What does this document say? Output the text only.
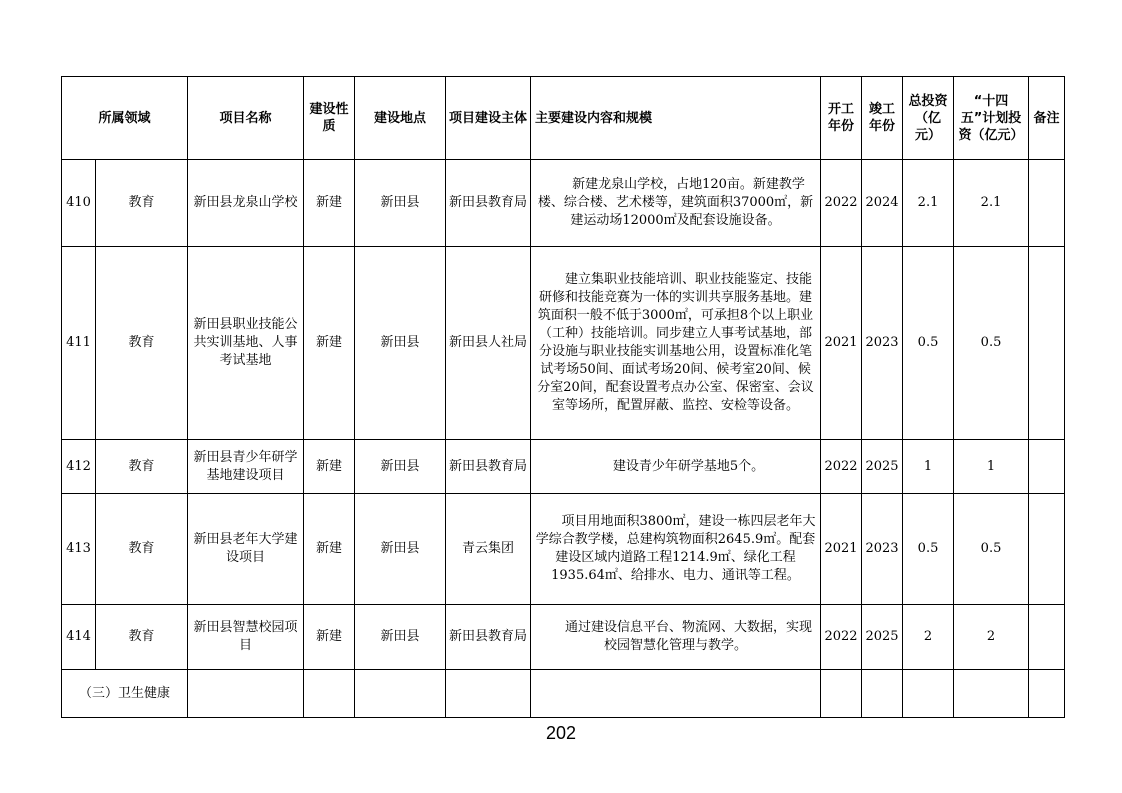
所属领域		项目名称	建设性质	建设地点	项目建设主体	主要建设内容和规模	开工年份	竣工年份	总投资（亿元）	“十四五”计划投资（亿元）	备注
410	教育	新田县龙泉山学校	新建	新田县	新田县教育局	新建龙泉山学校，占地120亩。新建教学楼、综合楼、艺术楼等，建筑面积37000㎡，新建运动场12000㎡及配套设施设备。	2022	2024	2.1	2.1	
411	教育	新田县职业技能公共实训基地、人事考试基地	新建	新田县	新田县人社局	建立集职业技能培训、职业技能鉴定、技能研修和技能竞赛为一体的实训共享服务基地。建筑面积一般不低于3000㎡，可承担8个以上职业（工种）技能培训。同步建立人事考试基地，部分设施与职业技能实训基地公用，设置标准化笔试考场50间、面试考场20间、候考室20间、候分室20间，配套设置考点办公室、保密室、会议室等场所，配置屏蔽、监控、安检等设备。	2021	2023	0.5	0.5	
412	教育	新田县青少年研学基地建设项目	新建	新田县	新田县教育局	建设青少年研学基地5个。	2022	2025	1	1	
413	教育	新田县老年大学建设项目	新建	新田县	青云集团	项目用地面积3800㎡，建设一栋四层老年大学综合教学楼，总建构筑物面积2645.9㎡。配套建设区域内道路工程1214.9㎡、绿化工程1935.64㎡、给排水、电力、通讯等工程。	2021	2023	0.5	0.5	
414	教育	新田县智慧校园项目	新建	新田县	新田县教育局	通过建设信息平台、物流网、大数据，实现校园智慧化管理与教学。	2022	2025	2	2	
（三）卫生健康											
202
